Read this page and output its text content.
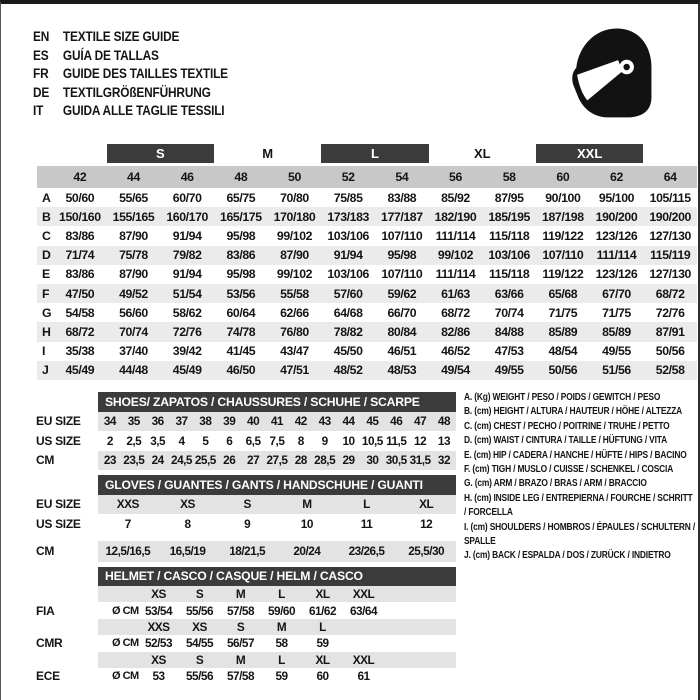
EN	TEXTILE SIZE GUIDE
ES	GUÍA DE TALLAS
FR	GUIDE DES TAILLES TEXTILE
DE	TEXTILGRÖßENFÜHRUNG
IT	GUIDA ALLE TAGLIE TESSILI
S	M	L	XL	XXL
42	44	46	48	50	52	54	56	58	60	62	64
A	50/60	55/65	60/70	65/75	70/80	75/85	83/88	85/92	87/95	90/100	95/100	105/115
B 150/160 155/165 160/170 165/175 170/180 173/183 177/187 182/190 185/195 187/198 190/200 190/200
C	83/86	87/90	91/94	95/98	99/102	103/106	107/110	111/114	115/118	119/122	123/126 127/130
D	71/74	75/78	79/82	83/86	87/90	91/94	95/98	99/102	103/106	107/110	111/114	115/119
E	83/86	87/90	91/94	95/98	99/102	103/106	107/110	111/114	115/118	119/122	123/126 127/130
F	47/50	49/52	51/54	53/56	55/58	57/60	59/62	61/63	63/66	65/68	67/70	68/72
G	54/58	56/60	58/62	60/64	62/66	64/68	66/70	68/72	70/74	71/75	71/75	72/76
H	68/72	70/74	72/76	74/78	76/80	78/82	80/84	82/86	84/88	85/89	85/89	87/91
I	35/38	37/40	39/42	41/45	43/47	45/50	46/51	46/52	47/53	48/54	49/55	50/56
J	45/49	44/48	45/49	46/50	47/51	48/52	48/53	49/54	49/55	50/56	51/56	52/58
SHOES/ ZAPATOS / CHAUSSURES / SCHUHE / SCARPE
EU SIZE	34 35 36 37 38 39 40 41 42 43 44 45 46 47 48
US SIZE	2	2,5 3,5	4	5	6	6,5 7,5	8	9	10 10,5 11,5 12 13
CM	23 23,5 24 24,5 25,5 26 27 27,5 28 28,5 29 30 30,5 31,5 32
GLOVES / GUANTES / GANTS / HANDSCHUHE / GUANTI
EU SIZE	XXS	XS	S	M	L	XL
US SIZE	7	8	9	10	11	12
CM	12,5/16,5	16,5/19	18/21,5	20/24	23/26,5	25,5/30
HELMET / CASCO / CASQUE / HELM / CASCO
XS	S	M	L	XL	XXL
FIA	Ø CM 53/54	55/56	57/58	59/60	61/62	63/64
XXS	XS	S	M	L
CMR	Ø CM 52/53	54/55	56/57	58	59
XS	S	M	L	XL	XXL
ECE	Ø CM	53	55/56	57/58	59	60	61
A. (Kg) WEIGHT / PESO / POIDS / GEWITCH / PESO
B. (cm) HEIGHT / ALTURA / HAUTEUR / HÖHE / ALTEZZA
C. (cm) CHEST / PECHO / POITRINE / TRUHE / PETTO
D. (cm) WAIST / CINTURA / TAILLE / HÜFTUNG / VITA
E. (cm) HIP / CADERA / HANCHE / HÜFTE / HIPS / BACINO
F. (cm) TIGH / MUSLO / CUISSE / SCHENKEL / COSCIA
G. (cm) ARM / BRAZO / BRAS / ARM / BRACCIO
H. (cm) INSIDE LEG / ENTREPIERNA / FOURCHE / SCHRITT / FORCELLA
I. (cm) SHOULDERS / HOMBROS / ÉPAULES / SCHULTERN / SPALLE
J. (cm) BACK / ESPALDA / DOS / ZURÜCK / INDIETRO
